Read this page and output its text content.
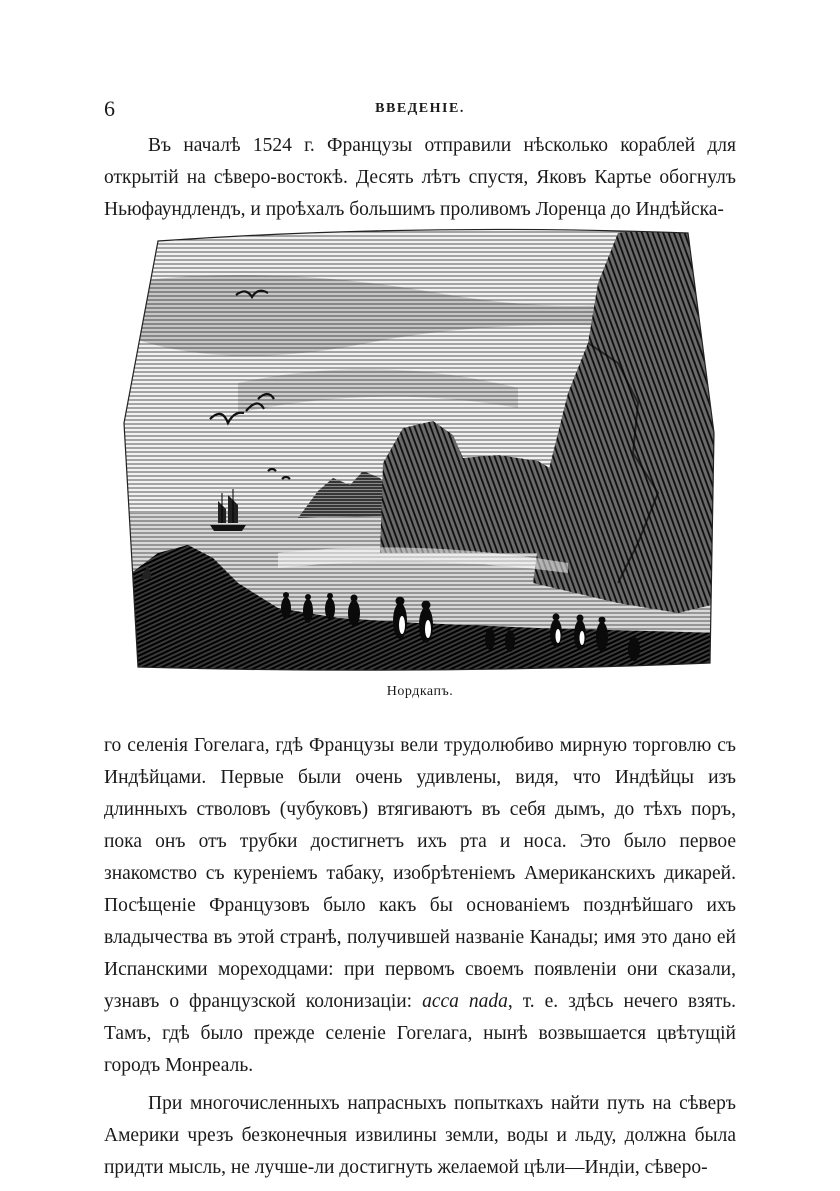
6	ВВЕДЕНІЕ.

Въ началѣ 1524 г. Французы отправили нѣсколько кораблей для открытій на сѣверо-востокѣ. Десять лѣтъ спустя, Яковъ Картье обогнулъ Ньюфаундлендъ, и проѣхалъ большимъ проливомъ Лоренца до Индѣйска-

Нордкапъ.

го селенія Гогелага, гдѣ Французы вели трудолюбиво мирную торговлю съ Индѣйцами. Первые были очень удивлены, видя, что Индѣйцы изъ длинныхъ стволовъ (чубуковъ) втягиваютъ въ себя дымъ, до тѣхъ поръ, пока онъ отъ трубки достигнетъ ихъ рта и носа. Это было первое знакомство съ куреніемъ табаку, изобрѣтеніемъ Американскихъ дикарей. Посѣщеніе Французовъ было какъ бы основаніемъ позднѣйшаго ихъ владычества въ этой странѣ, получившей названіе Канады; имя это дано ей Испанскими мореходцами: при первомъ своемъ появленіи они сказали, узнавъ о французской колонизаціи: acca nada, т. е. здѣсь нечего взять. Тамъ, гдѣ было прежде селеніе Гогелага, нынѣ возвышается цвѣтущій городъ Монреаль.

При многочисленныхъ напрасныхъ попыткахъ найти путь на сѣверъ Америки чрезъ безконечныя извилины земли, воды и льду, должна была придти мысль, не лучше-ли достигнуть желаемой цѣли—Индіи, сѣверо-
